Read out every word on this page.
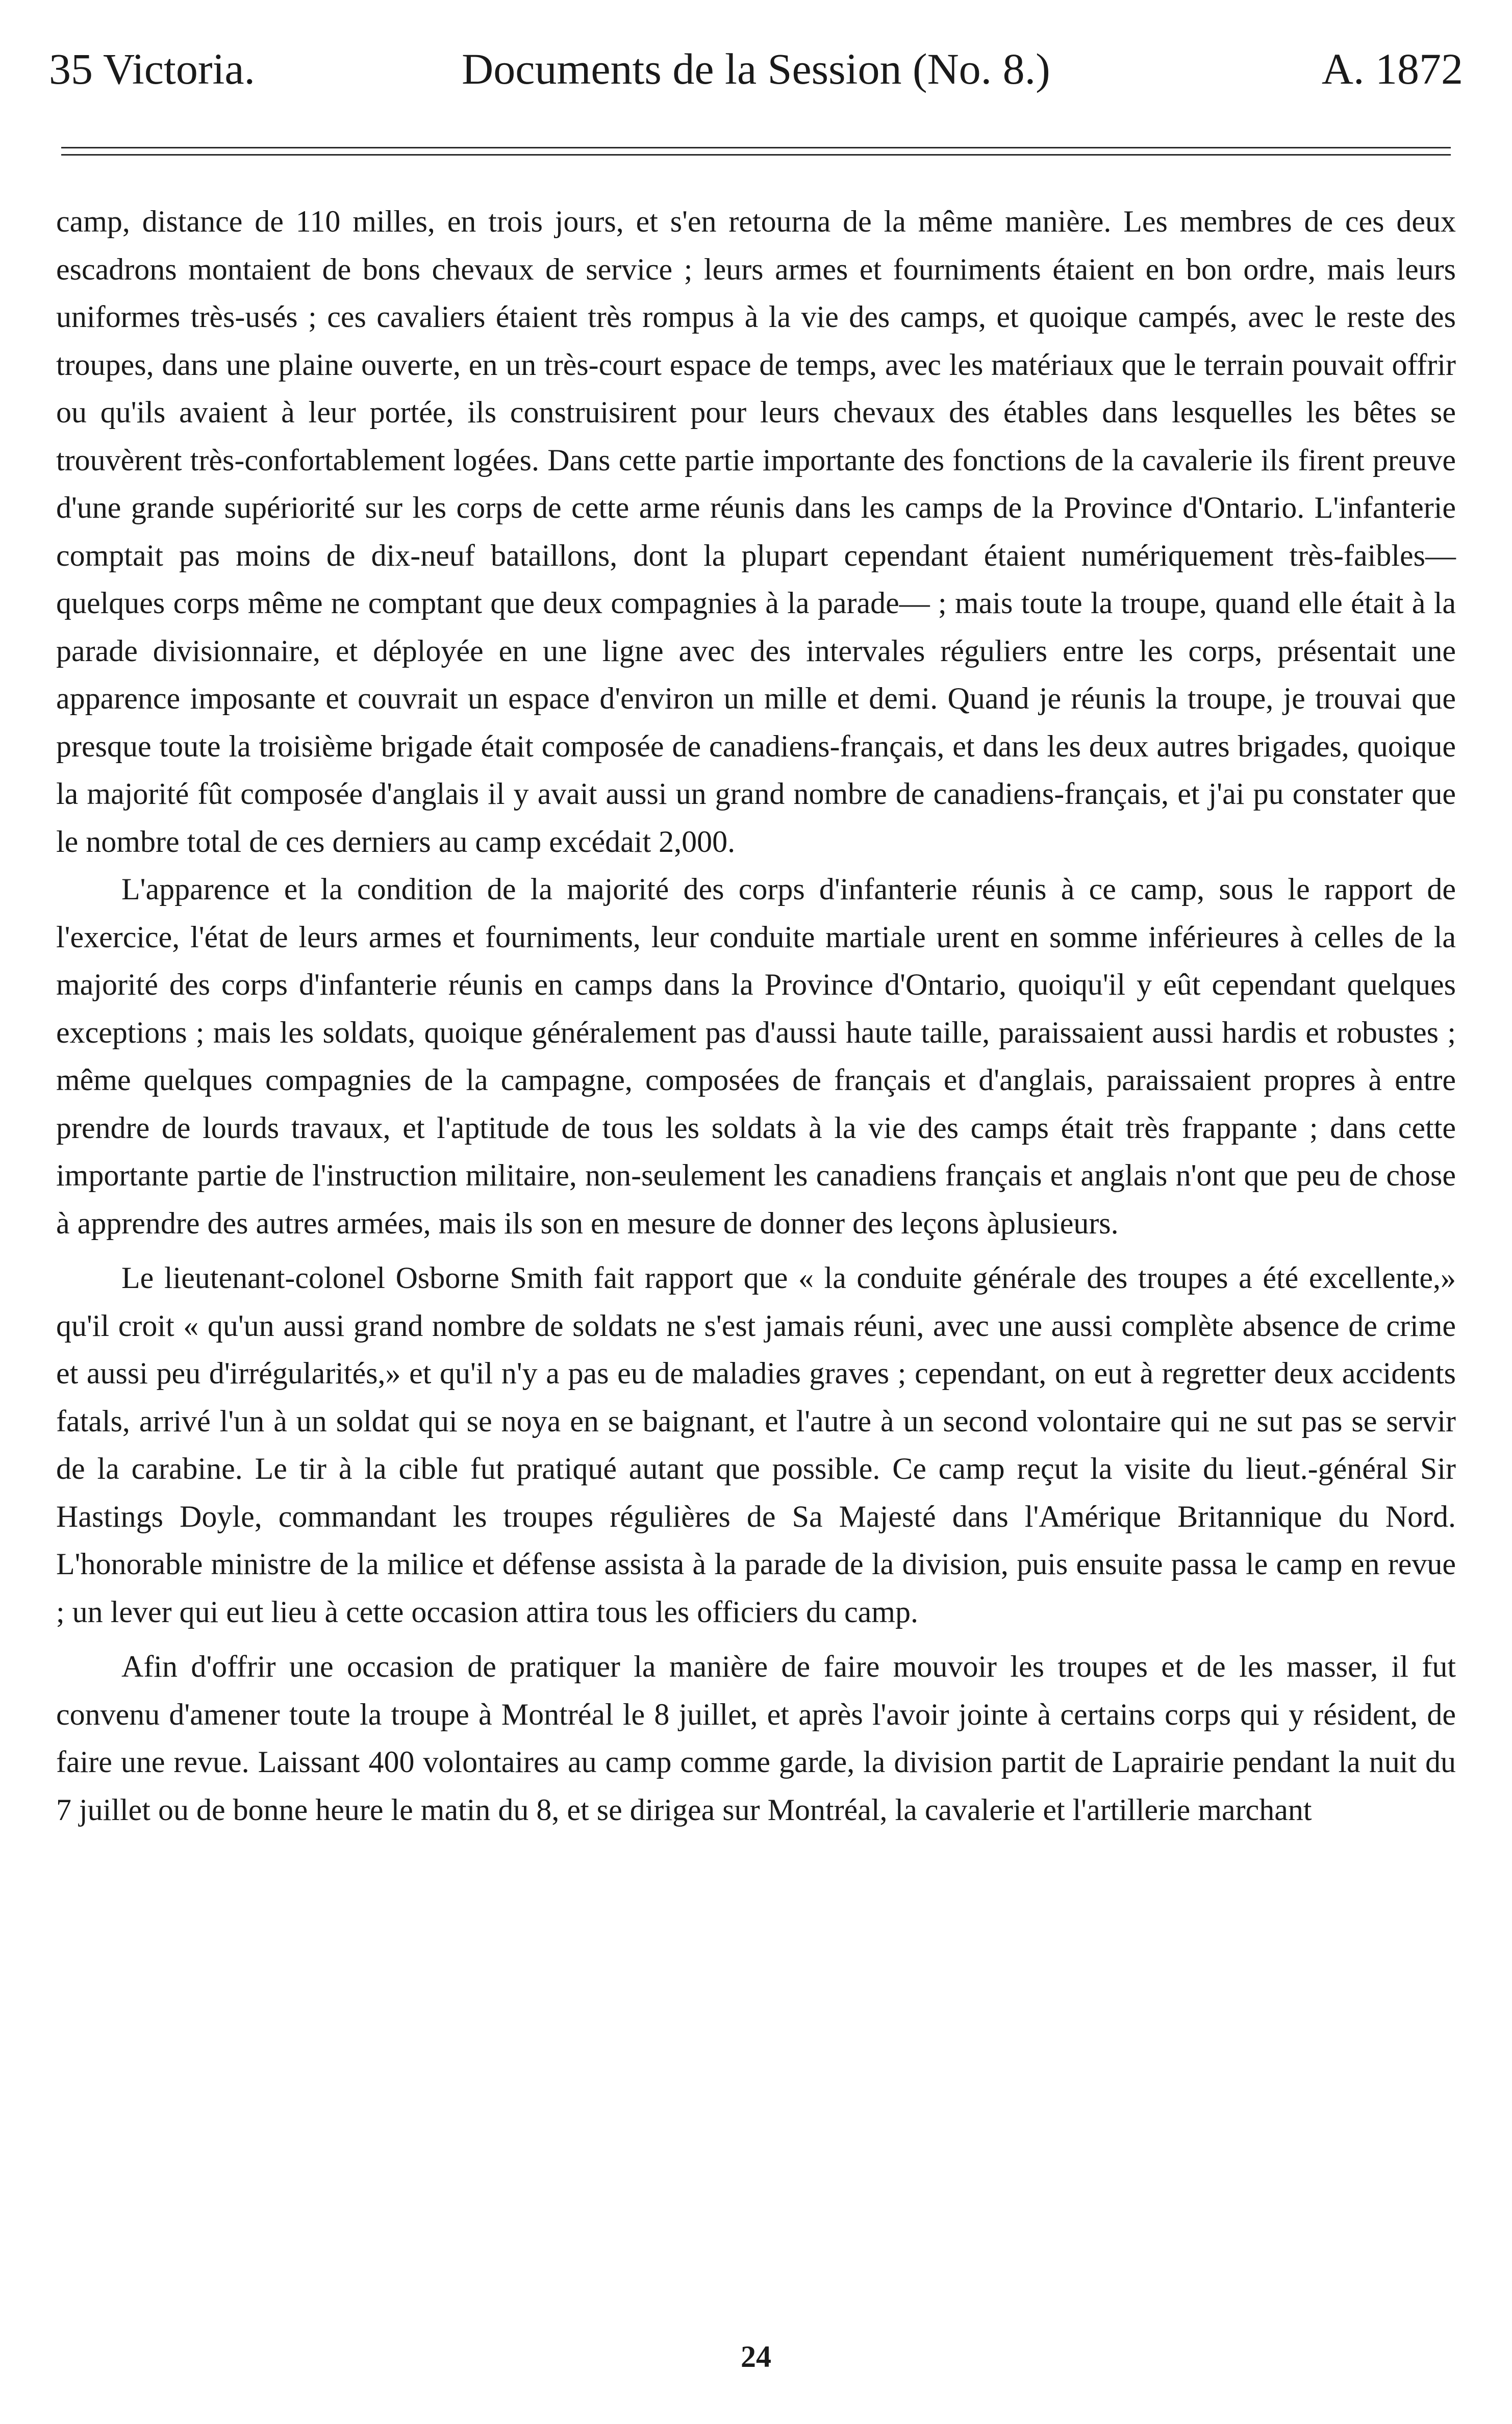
35 Victoria.	Documents de la Session (No. 8.)	A. 1872

camp, distance de 110 milles, en trois jours, et s'en retourna de la même manière. Les membres de ces deux escadrons montaient de bons chevaux de service ; leurs armes et fourniments étaient en bon ordre, mais leurs uniformes très-usés ; ces cavaliers étaient très rompus à la vie des camps, et quoique campés, avec le reste des troupes, dans une plaine ouverte, en un très-court espace de temps, avec les matériaux que le terrain pouvait offrir ou qu'ils avaient à leur portée, ils construisirent pour leurs chevaux des étables dans lesquelles les bêtes se trouvèrent très-confortablement logées. Dans cette partie importante des fonctions de la cavalerie ils firent preuve d'une grande supériorité sur les corps de cette arme réunis dans les camps de la Province d'Ontario. L'infanterie comptait pas moins de dix-neuf bataillons, dont la plupart cependant étaient numériquement très-faibles—quelques corps même ne comptant que deux compagnies à la parade— ; mais toute la troupe, quand elle était à la parade divisionnaire, et déployée en une ligne avec des intervales réguliers entre les corps, présentait une apparence imposante et couvrait un espace d'environ un mille et demi. Quand je réunis la troupe, je trouvai que presque toute la troisième brigade était composée de canadiens-français, et dans les deux autres brigades, quoique la majorité fût composée d'anglais il y avait aussi un grand nombre de canadiens-français, et j'ai pu constater que le nombre total de ces derniers au camp excédait 2,000.

L'apparence et la condition de la majorité des corps d'infanterie réunis à ce camp, sous le rapport de l'exercice, l'état de leurs armes et fourniments, leur conduite martiale urent en somme inférieures à celles de la majorité des corps d'infanterie réunis en camps dans la Province d'Ontario, quoiqu'il y eût cependant quelques exceptions ; mais les soldats, quoique généralement pas d'aussi haute taille, paraissaient aussi hardis et robustes ; même quelques compagnies de la campagne, composées de français et d'anglais, paraissaient propres à entre prendre de lourds travaux, et l'aptitude de tous les soldats à la vie des camps était très frappante ; dans cette importante partie de l'instruction militaire, non-seulement les canadiens français et anglais n'ont que peu de chose à apprendre des autres armées, mais ils son en mesure de donner des leçons àplusieurs.

Le lieutenant-colonel Osborne Smith fait rapport que « la conduite générale des troupes a été excellente,» qu'il croit « qu'un aussi grand nombre de soldats ne s'est jamais réuni, avec une aussi complète absence de crime et aussi peu d'irrégularités,» et qu'il n'y a pas eu de maladies graves ; cependant, on eut à regretter deux accidents fatals, arrivé l'un à un soldat qui se noya en se baignant, et l'autre à un second volontaire qui ne sut pas se servir de la carabine. Le tir à la cible fut pratiqué autant que possible. Ce camp reçut la visite du lieut.-général Sir Hastings Doyle, commandant les troupes régulières de Sa Majesté dans l'Amérique Britannique du Nord. L'honorable ministre de la milice et défense assista à la parade de la division, puis ensuite passa le camp en revue ; un lever qui eut lieu à cette occasion attira tous les officiers du camp.

Afin d'offrir une occasion de pratiquer la manière de faire mouvoir les troupes et de les masser, il fut convenu d'amener toute la troupe à Montréal le 8 juillet, et après l'avoir jointe à certains corps qui y résident, de faire une revue. Laissant 400 volontaires au camp comme garde, la division partit de Laprairie pendant la nuit du 7 juillet ou de bonne heure le matin du 8, et se dirigea sur Montréal, la cavalerie et l'artillerie marchant

24
